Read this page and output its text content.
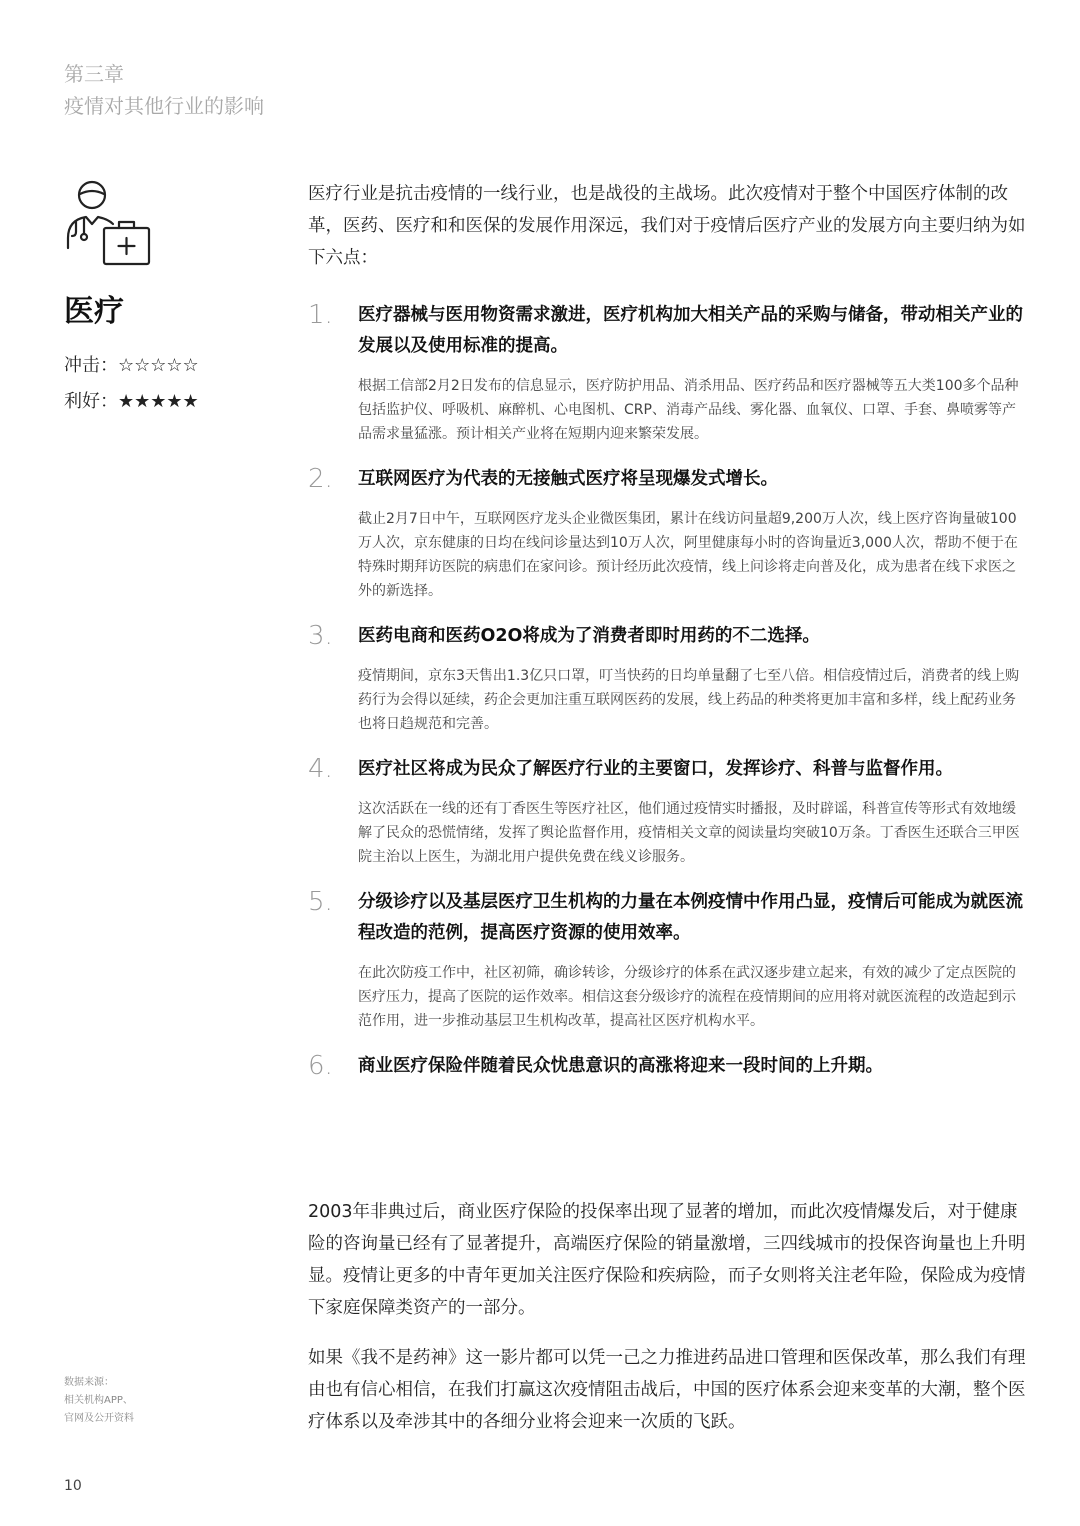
第三章
疫情对其他行业的影响
医疗
冲击：☆☆☆☆☆
利好：★★★★★

医疗行业是抗击疫情的一线行业，也是战役的主战场。此次疫情对于整个中国医疗体制的改革，医药、医疗和和医保的发展作用深远，我们对于疫情后医疗产业的发展方向主要归纳为如下六点：

1. 医疗器械与医用物资需求激进，医疗机构加大相关产品的采购与储备，带动相关产业的发展以及使用标准的提高。
根据工信部2月2日发布的信息显示，医疗防护用品、消杀用品、医疗药品和医疗器械等五大类100多个品种包括监护仪、呼吸机、麻醉机、心电图机、CRP、消毒产品线、雾化器、血氧仪、口罩、手套、鼻喷雾等产品需求量猛涨。预计相关产业将在短期内迎来繁荣发展。
2. 互联网医疗为代表的无接触式医疗将呈现爆发式增长。
截止2月7日中午，互联网医疗龙头企业微医集团，累计在线访问量超9,200万人次，线上医疗咨询量破100万人次，京东健康的日均在线问诊量达到10万人次，阿里健康每小时的咨询量近3,000人次，帮助不便于在特殊时期拜访医院的病患们在家问诊。预计经历此次疫情，线上问诊将走向普及化，成为患者在线下求医之外的新选择。
3. 医药电商和医药O2O将成为了消费者即时用药的不二选择。
疫情期间，京东3天售出1.3亿只口罩，叮当快药的日均单量翻了七至八倍。相信疫情过后，消费者的线上购药行为会得以延续，药企会更加注重互联网医药的发展，线上药品的种类将更加丰富和多样，线上配药业务也将日趋规范和完善。
4. 医疗社区将成为民众了解医疗行业的主要窗口，发挥诊疗、科普与监督作用。
这次活跃在一线的还有丁香医生等医疗社区，他们通过疫情实时播报，及时辟谣，科普宣传等形式有效地缓解了民众的恐慌情绪，发挥了舆论监督作用，疫情相关文章的阅读量均突破10万条。丁香医生还联合三甲医院主治以上医生，为湖北用户提供免费在线义诊服务。
5. 分级诊疗以及基层医疗卫生机构的力量在本例疫情中作用凸显，疫情后可能成为就医流程改造的范例，提高医疗资源的使用效率。
在此次防疫工作中，社区初筛，确诊转诊，分级诊疗的体系在武汉逐步建立起来，有效的减少了定点医院的医疗压力，提高了医院的运作效率。相信这套分级诊疗的流程在疫情期间的应用将对就医流程的改造起到示范作用，进一步推动基层卫生机构改革，提高社区医疗机构水平。
6. 商业医疗保险伴随着民众忧患意识的高涨将迎来一段时间的上升期。

2003年非典过后，商业医疗保险的投保率出现了显著的增加，而此次疫情爆发后，对于健康险的咨询量已经有了显著提升，高端医疗保险的销量激增，三四线城市的投保咨询量也上升明显。疫情让更多的中青年更加关注医疗保险和疾病险，而子女则将关注老年险，保险成为疫情下家庭保障类资产的一部分。

如果《我不是药神》这一影片都可以凭一己之力推进药品进口管理和医保改革，那么我们有理由也有信心相信，在我们打赢这次疫情阻击战后，中国的医疗体系会迎来变革的大潮，整个医疗体系以及牵涉其中的各细分业将会迎来一次质的飞跃。

数据来源：
相关机构APP、
官网及公开资料
10
